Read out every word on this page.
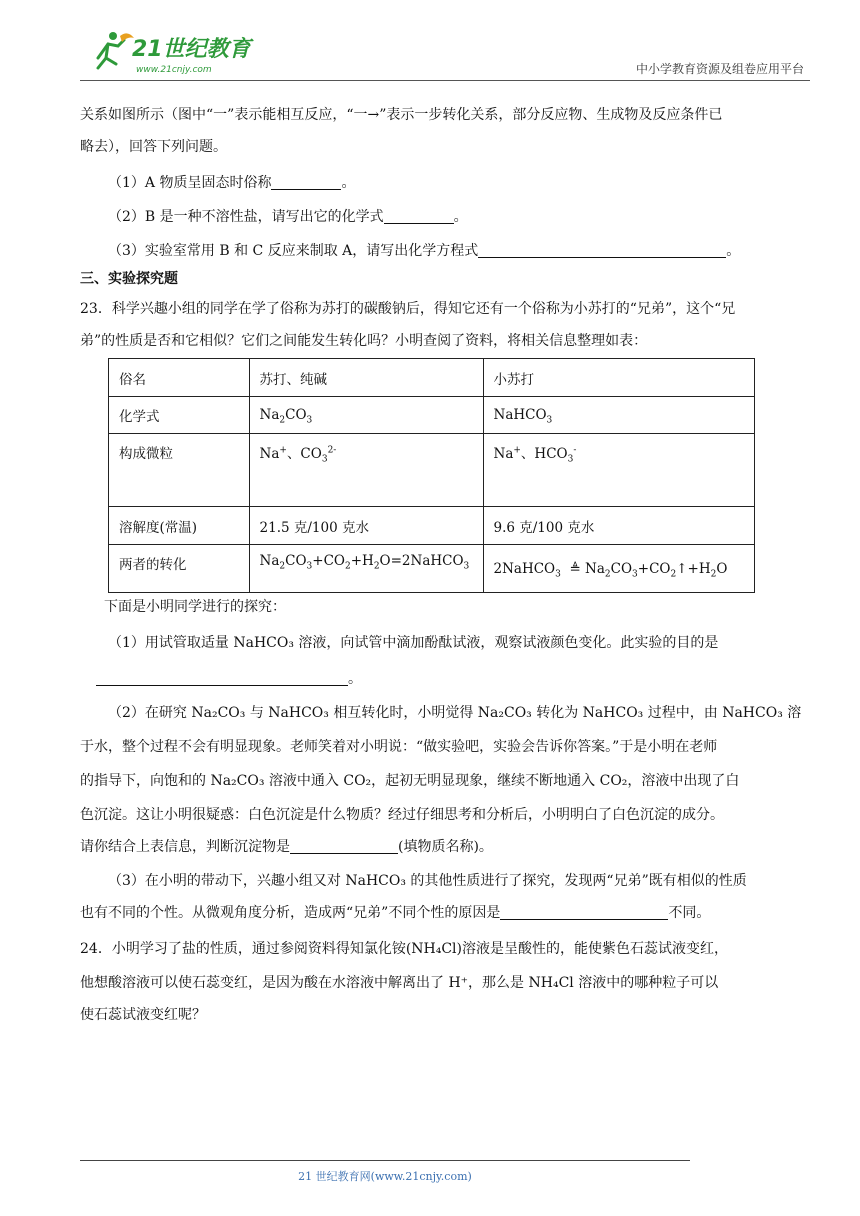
21世纪教育
www.21cnjy.com	中小学教育资源及组卷应用平台
关系如图所示（图中“一”表示能相互反应，“一→”表示一步转化关系，部分反应物、生成物及反应条件已
略去），回答下列问题。
（1）A 物质呈固态时俗称	。
（2）B 是一种不溶性盐，请写出它的化学式	。
（3）实验室常用 B 和 C 反应来制取 A，请写出化学方程式	。
三、实验探究题
23．科学兴趣小组的同学在学了俗称为苏打的碳酸钠后，得知它还有一个俗称为小苏打的“兄弟”，这个“兄
弟”的性质是否和它相似？它们之间能发生转化吗？小明查阅了资料，将相关信息整理如表：
俗名	苏打、纯碱	小苏打
化学式	$Na_2CO_3$	NaHCO$_3$
构成微粒	Na+、$CO_3^{2-}$	Na+、$HCO_3^-$
溶解度(常温)	21.5 克/100 克水	9.6 克/100 克水
两者的转化	$Na_2CO_3+CO_2+H_2O=2NaHCO_3$	2NaHCO$_3$  ≜ $Na_2CO_3+CO_2↑+H_2O$
下面是小明同学进行的探究：
（1）用试管取适量 NaHCO₃ 溶液，向试管中滴加酚酞试液，观察试液颜色变化。此实验的目的是
。
（2）在研究 Na₂CO₃ 与 NaHCO₃ 相互转化时，小明觉得 Na₂CO₃ 转化为 NaHCO₃ 过程中，由 NaHCO₃ 溶
于水，整个过程不会有明显现象。老师笑着对小明说：“做实验吧，实验会告诉你答案。”于是小明在老师
的指导下，向饱和的 Na₂CO₃ 溶液中通入 CO₂，起初无明显现象，继续不断地通入 CO₂，溶液中出现了白
色沉淀。这让小明很疑惑：白色沉淀是什么物质？经过仔细思考和分析后，小明明白了白色沉淀的成分。
请你结合上表信息，判断沉淀物是	(填物质名称)。
（3）在小明的带动下，兴趣小组又对 NaHCO₃ 的其他性质进行了探究，发现两“兄弟”既有相似的性质
也有不同的个性。从微观角度分析，造成两“兄弟”不同个性的原因是	不同。
24．小明学习了盐的性质，通过参阅资料得知氯化铵(NH₄Cl)溶液是呈酸性的，能使紫色石蕊试液变红，
他想酸溶液可以使石蕊变红，是因为酸在水溶液中解离出了 H⁺，那么是 NH₄Cl 溶液中的哪种粒子可以
使石蕊试液变红呢？
21 世纪教育网(www.21cnjy.com)
